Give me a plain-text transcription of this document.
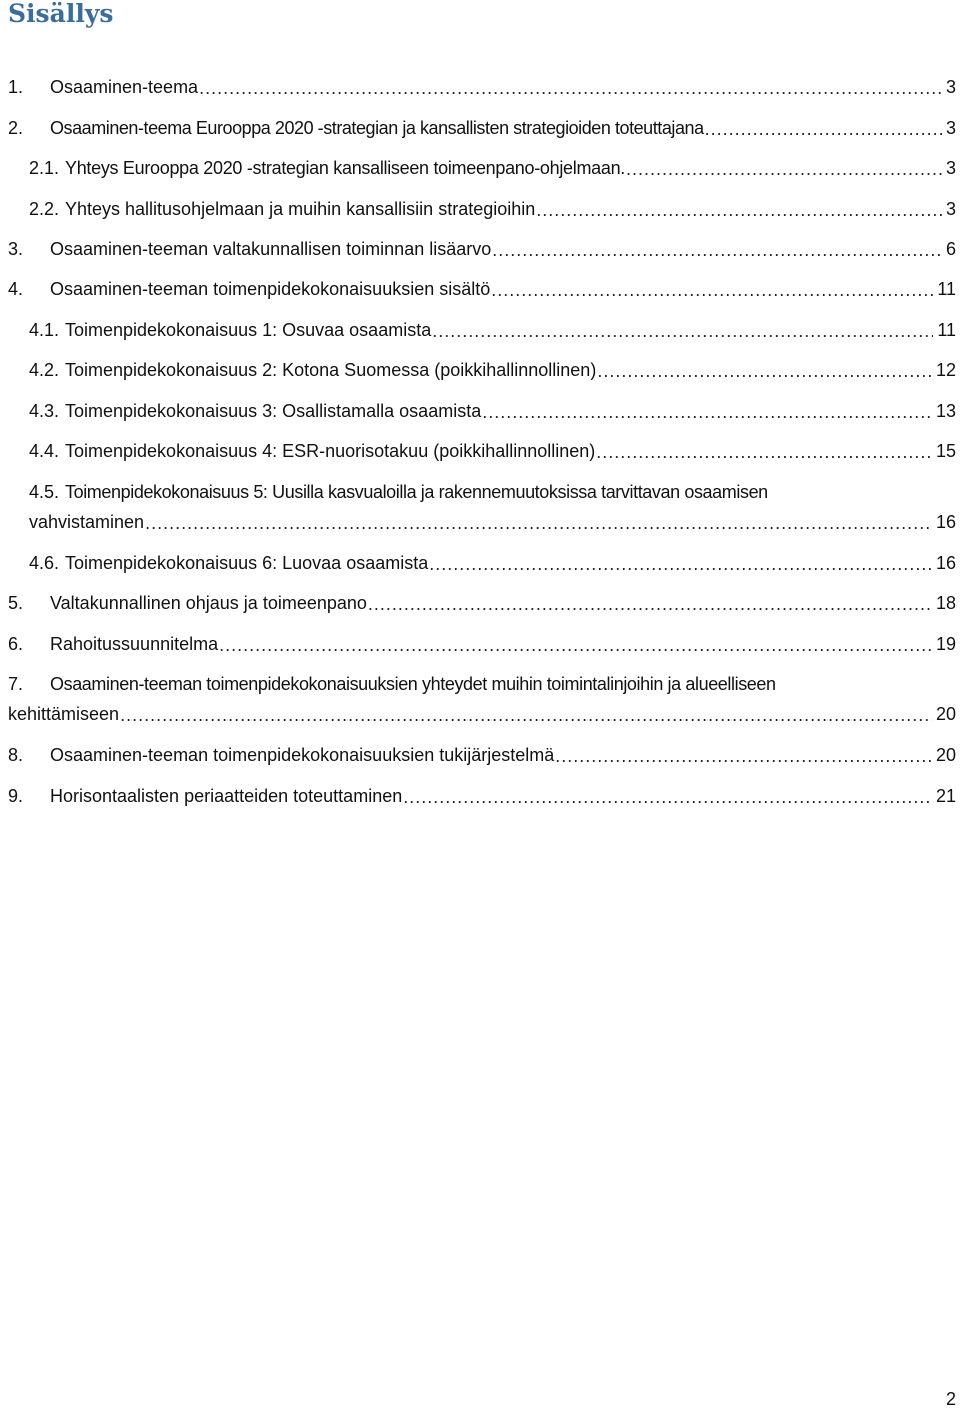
Sisällys
1.	Osaaminen-teema .....	3
2.	Osaaminen-teema Eurooppa 2020 -strategian ja kansallisten strategioiden toteuttajana .....	3
2.1. Yhteys Eurooppa 2020 -strategian kansalliseen toimeenpano-ohjelmaan. .....	3
2.2. Yhteys hallitusohjelmaan ja muihin kansallisiin strategioihin .....	3
3.	Osaaminen-teeman valtakunnallisen toiminnan lisäarvo .....	6
4.	Osaaminen-teeman toimenpidekokonaisuuksien sisältö .....	11
4.1. Toimenpidekokonaisuus 1: Osuvaa osaamista .....	11
4.2. Toimenpidekokonaisuus 2: Kotona Suomessa (poikkihallinnollinen) .....	12
4.3. Toimenpidekokonaisuus 3: Osallistamalla osaamista .....	13
4.4. Toimenpidekokonaisuus 4: ESR-nuorisotakuu (poikkihallinnollinen) .....	15
4.5. Toimenpidekokonaisuus 5: Uusilla kasvualoilla ja rakennemuutoksissa tarvittavan osaamisen
vahvistaminen .....	16
4.6. Toimenpidekokonaisuus 6: Luovaa osaamista .....	16
5.	Valtakunnallinen ohjaus ja toimeenpano .....	18
6.	Rahoitussuunnitelma .....	19
7. Osaaminen-teeman toimenpidekokonaisuuksien yhteydet muihin toimintalinjoihin ja alueelliseen
kehittämiseen .....	20
8.	Osaaminen-teeman toimenpidekokonaisuuksien tukijärjestelmä .....	20
9.	Horisontaalisten periaatteiden toteuttaminen .....	21
2
